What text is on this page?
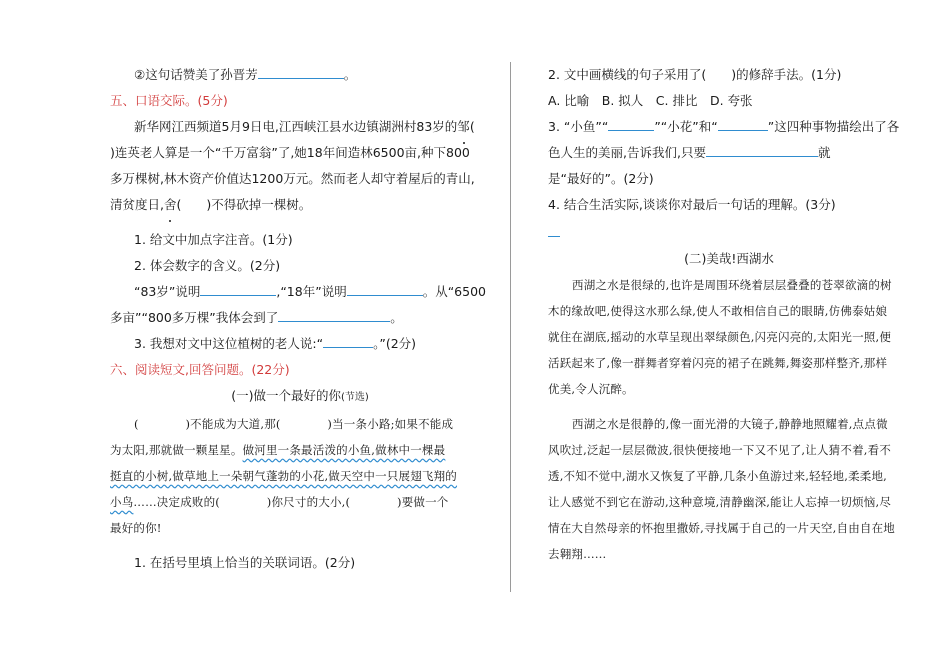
②这句话赞美了孙晋芳	。
五、口语交际。(5分)
新华网江西频道5月9日电,江西峡江县水边镇湖洲村83岁的邹(
)连英老人算是一个“千万富翁”了,她18年间造林6500亩,种下800
多万棵树,林木资产价值达1200万元。然而老人却守着屋后的青山,
清贫度日,舍(　　)不得砍掉一棵树。
1. 给文中加点字注音。(1分)
2. 体会数字的含义。(2分)
“83岁”说明	,“18年”说明	。从“6500
多亩”“800多万棵”我体会到了	。
3. 我想对文中这位植树的老人说:“	。”(2分)
六、阅读短文,回答问题。(22分)
(一)做一个最好的你(节选)
(　　　　)不能成为大道,那(　　　　)当一条小路;如果不能成
为太阳,那就做一颗星星。做河里一条最活泼的小鱼,做林中一棵最
挺直的小树,做草地上一朵朝气蓬勃的小花,做天空中一只展翅飞翔的
小鸟……决定成败的(　　　　)你尺寸的大小,(　　　　)要做一个
最好的你!
1. 在括号里填上恰当的关联词语。(2分)
2. 文中画横线的句子采用了(　　)的修辞手法。(1分)
A. 比喻　B. 拟人　C. 排比　D. 夸张
3. “小鱼”“	”“小花”和“	”这四种事物描绘出了各
色人生的美丽,告诉我们,只要	就
是“最好的”。(2分)
4. 结合生活实际,谈谈你对最后一句话的理解。(3分)
(二)美哉!西湖水
西湖之水是很绿的,也许是周围环绕着层层叠叠的苍翠欲滴的树
木的缘故吧,使得这水那么绿,使人不敢相信自己的眼睛,仿佛泰姑娘
就住在湖底,摇动的水草呈现出翠绿颜色,闪亮闪亮的,太阳光一照,便
活跃起来了,像一群舞者穿着闪亮的裙子在跳舞,舞姿那样整齐,那样
优美,令人沉醉。
西湖之水是很静的,像一面光滑的大镜子,静静地照耀着,点点微
风吹过,泛起一层层微波,很快便接地一下又不见了,让人猜不着,看不
透,不知不觉中,湖水又恢复了平静,几条小鱼游过来,轻轻地,柔柔地,
让人感觉不到它在游动,这种意境,清静幽深,能让人忘掉一切烦恼,尽
情在大自然母亲的怀抱里撒娇,寻找属于自己的一片天空,自由自在地
去翱翔……
